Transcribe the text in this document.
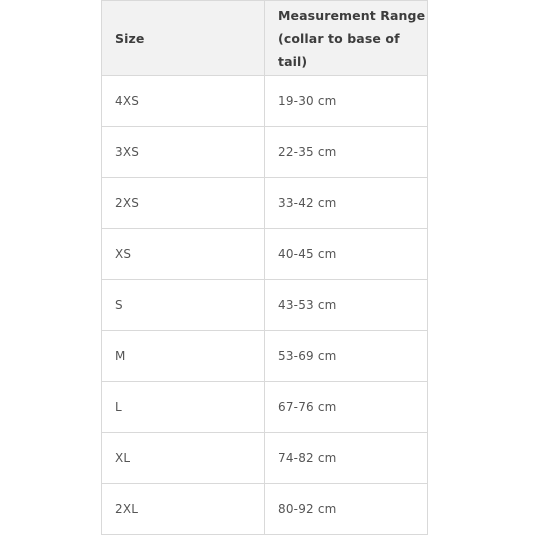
Size	Measurement Range
(collar to base of tail)

4XS	19-30 cm
3XS	22-35 cm
2XS	33-42 cm
XS	40-45 cm
S	43-53 cm
M	53-69 cm
L	67-76 cm
XL	74-82 cm
2XL	80-92 cm
